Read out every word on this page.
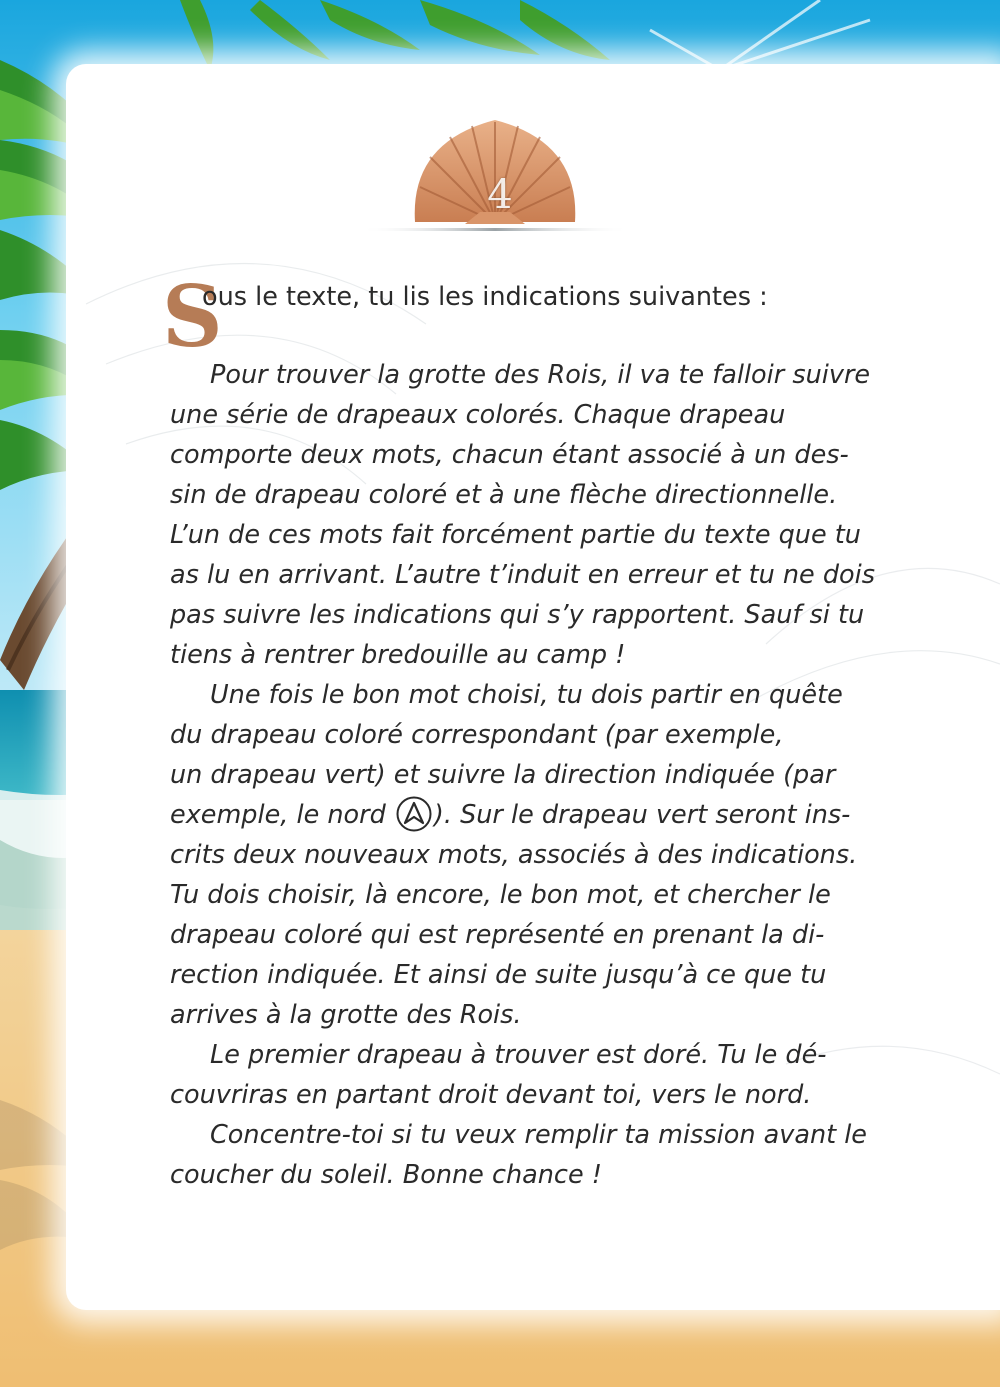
4
S
ous le texte, tu lis les indications suivantes :

Pour trouver la grotte des Rois, il va te falloir suivre
une série de drapeaux colorés. Chaque drapeau
comporte deux mots, chacun étant associé à un des-
sin de drapeau coloré et à une flèche directionnelle.
L’un de ces mots fait forcément partie du texte que tu
as lu en arrivant. L’autre t’induit en erreur et tu ne dois
pas suivre les indications qui s’y rapportent. Sauf si tu
tiens à rentrer bredouille au camp !

Une fois le bon mot choisi, tu dois partir en quête
du drapeau coloré correspondant (par exemple,
un drapeau vert) et suivre la direction indiquée (par
exemple, le nord ). Sur le drapeau vert seront ins-
crits deux nouveaux mots, associés à des indications.
Tu dois choisir, là encore, le bon mot, et chercher le
drapeau coloré qui est représenté en prenant la di-
rection indiquée. Et ainsi de suite jusqu’à ce que tu
arrives à la grotte des Rois.

Le premier drapeau à trouver est doré. Tu le dé-
couvriras en partant droit devant toi, vers le nord.

Concentre-toi si tu veux remplir ta mission avant le
coucher du soleil. Bonne chance !
